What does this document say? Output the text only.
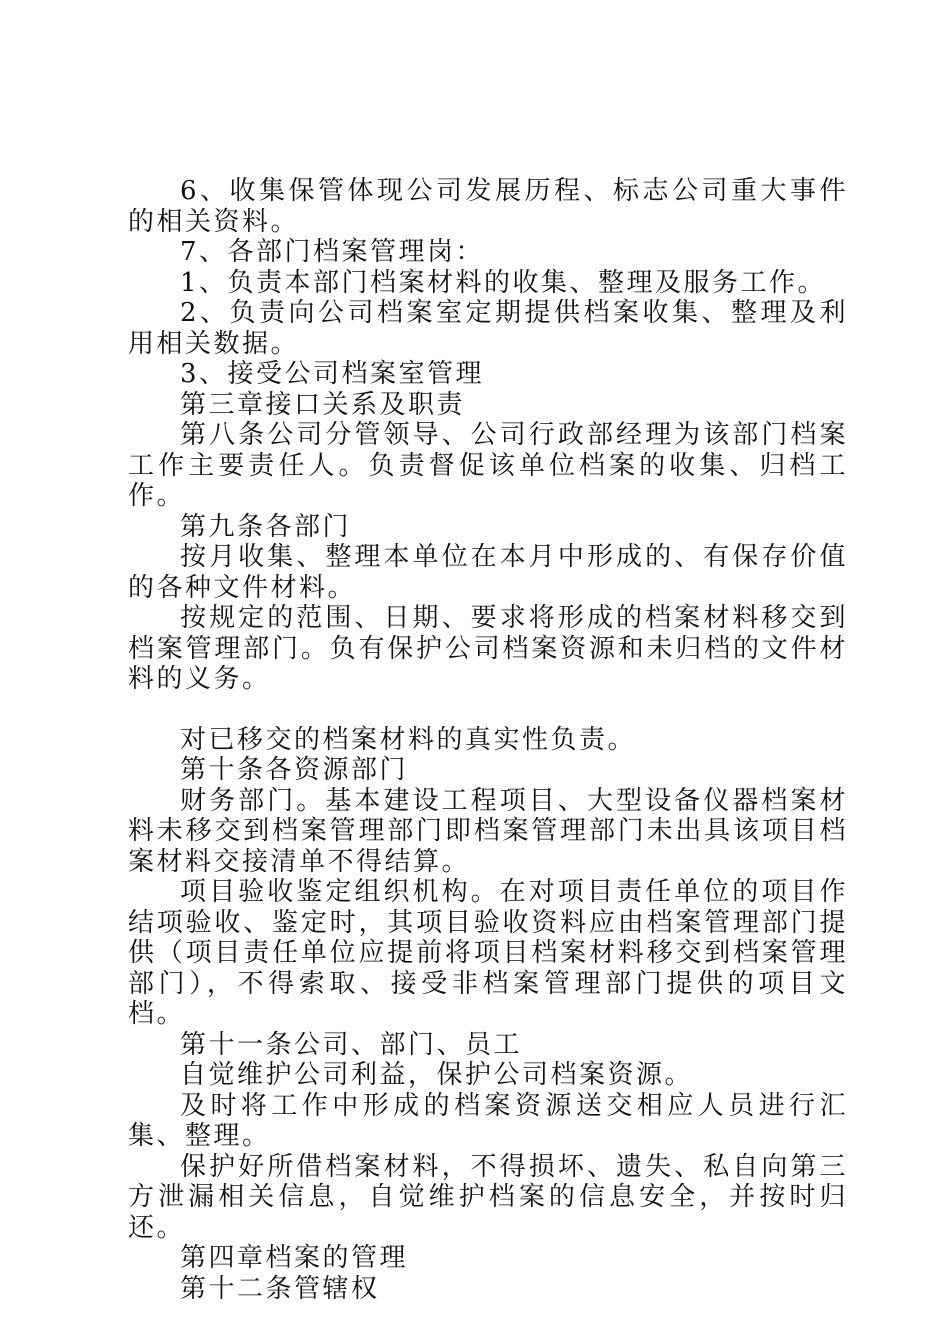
6、收集保管体现公司发展历程、标志公司重大事件的相关资料。

7、各部门档案管理岗：

1、负责本部门档案材料的收集、整理及服务工作。

2、负责向公司档案室定期提供档案收集、整理及利用相关数据。

3、接受公司档案室管理

第三章接口关系及职责

第八条公司分管领导、公司行政部经理为该部门档案工作主要责任人。负责督促该单位档案的收集、归档工作。

第九条各部门

按月收集、整理本单位在本月中形成的、有保存价值的各种文件材料。

按规定的范围、日期、要求将形成的档案材料移交到档案管理部门。负有保护公司档案资源和未归档的文件材料的义务。

对已移交的档案材料的真实性负责。

第十条各资源部门

财务部门。基本建设工程项目、大型设备仪器档案材料未移交到档案管理部门即档案管理部门未出具该项目档案材料交接清单不得结算。

项目验收鉴定组织机构。在对项目责任单位的项目作结项验收、鉴定时，其项目验收资料应由档案管理部门提供（项目责任单位应提前将项目档案材料移交到档案管理部门），不得索取、接受非档案管理部门提供的项目文档。

第十一条公司、部门、员工

自觉维护公司利益，保护公司档案资源。

及时将工作中形成的档案资源送交相应人员进行汇集、整理。

保护好所借档案材料，不得损坏、遗失、私自向第三方泄漏相关信息，自觉维护档案的信息安全，并按时归还。

第四章档案的管理

第十二条管辖权
